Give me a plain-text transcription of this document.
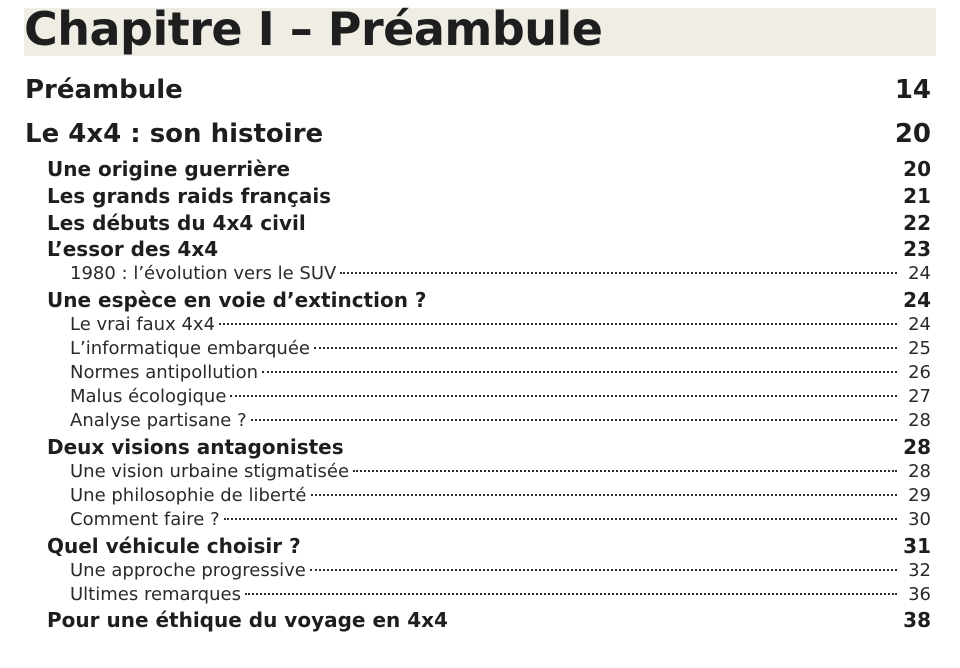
Chapitre I – Préambule
Préambule	14
Le 4x4 : son histoire	20
Une origine guerrière	20
Les grands raids français	21
Les débuts du 4x4 civil	22
L’essor des 4x4	23
1980 : l’évolution vers le SUV	24
Une espèce en voie d’extinction ?	24
Le vrai faux 4x4	24
L’informatique embarquée	25
Normes antipollution	26
Malus écologique	27
Analyse partisane ?	28
Deux visions antagonistes	28
Une vision urbaine stigmatisée	28
Une philosophie de liberté	29
Comment faire ?	30
Quel véhicule choisir ?	31
Une approche progressive	32
Ultimes remarques	36
Pour une éthique du voyage en 4x4	38
